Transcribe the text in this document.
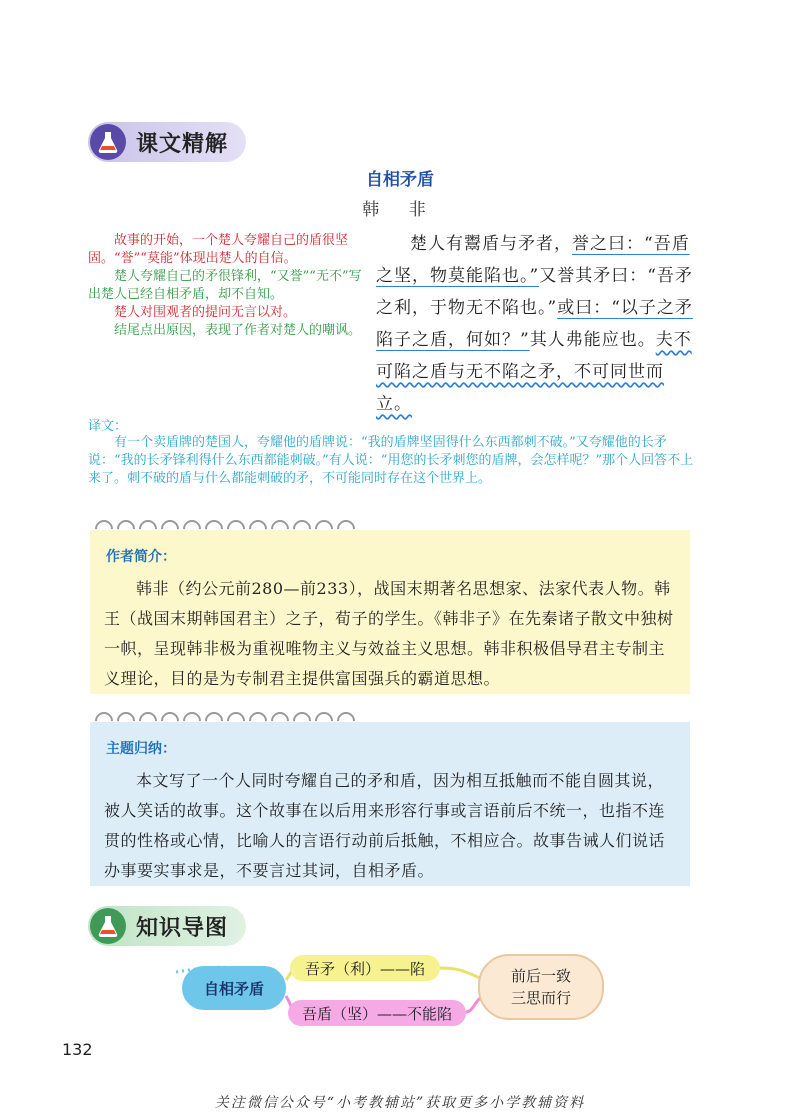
课文精解
自相矛盾
韩 非

故事的开始，一个楚人夸耀自己的盾很坚固。“誉”“莫能”体现出楚人的自信。

楚人夸耀自己的矛很锋利，“又誉”“无不”写出楚人已经自相矛盾，却不自知。

楚人对围观者的提问无言以对。

结尾点出原因，表现了作者对楚人的嘲讽。

楚人有鬻盾与矛者，誉之曰：“吾盾之坚，物莫能陷也。”又誉其矛曰：“吾矛之利，于物无不陷也。”或曰：“以子之矛陷子之盾，何如？”其人弗能应也。夫不可陷之盾与无不陷之矛，不可同世而立。

译文：

有一个卖盾牌的楚国人，夸耀他的盾牌说：“我的盾牌坚固得什么东西都刺不破。”又夸耀他的长矛说：“我的长矛锋利得什么东西都能刺破。”有人说：“用您的长矛刺您的盾牌，会怎样呢？”那个人回答不上来了。刺不破的盾与什么都能刺破的矛，不可能同时存在这个世界上。

作者简介：

韩非（约公元前280—前233），战国末期著名思想家、法家代表人物。韩王（战国末期韩国君主）之子，荀子的学生。《韩非子》在先秦诸子散文中独树一帜，呈现韩非极为重视唯物主义与效益主义思想。韩非积极倡导君主专制主义理论，目的是为专制君主提供富国强兵的霸道思想。

主题归纳：

本文写了一个人同时夸耀自己的矛和盾，因为相互抵触而不能自圆其说，被人笑话的故事。这个故事在以后用来形容行事或言语前后不统一，也指不连贯的性格或心情，比喻人的言语行动前后抵触，不相应合。故事告诫人们说话办事要实事求是，不要言过其词，自相矛盾。

知识导图
自相矛盾
吾矛（利）——陷
吾盾（坚）——不能陷
前后一致
三思而行
132
关注微信公众号“小考教辅站”获取更多小学教辅资料
